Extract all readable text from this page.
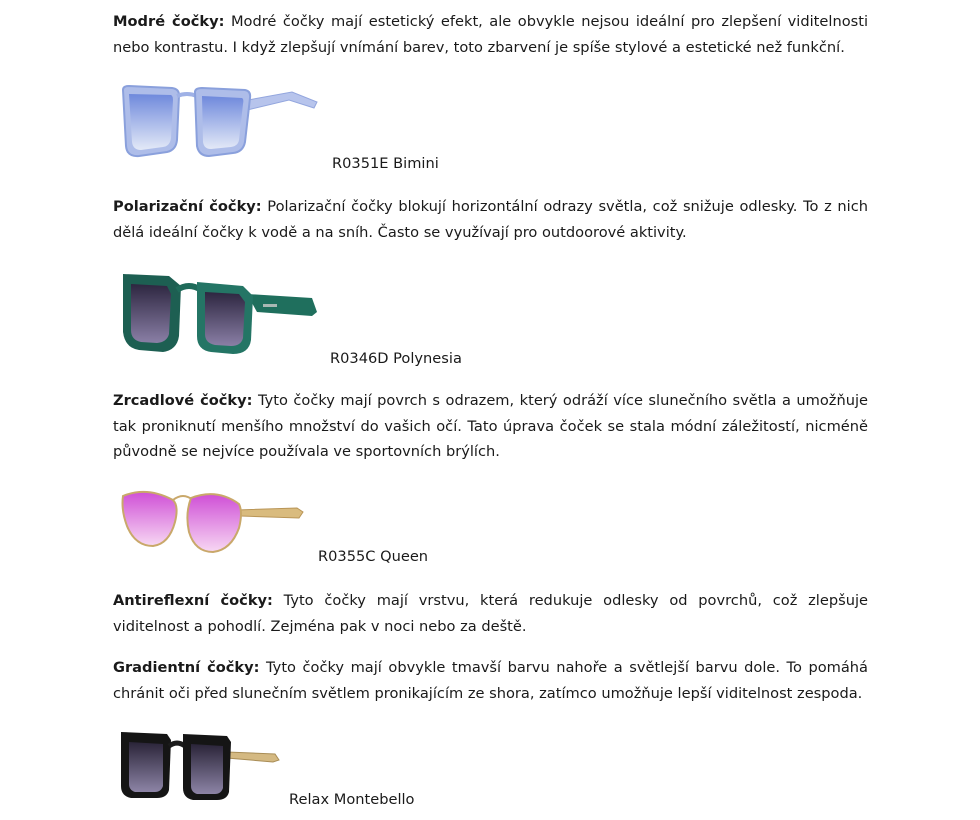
Modré čočky: Modré čočky mají estetický efekt, ale obvykle nejsou ideální pro zlepšení viditelnosti nebo kontrastu. I když zlepšují vnímání barev, toto zbarvení je spíše stylové a estetické než funkční.

R0351E Bimini

Polarizační čočky: Polarizační čočky blokují horizontální odrazy světla, což snižuje odlesky. To z nich dělá ideální čočky k vodě a na sníh. Často se využívají pro outdoorové aktivity.

R0346D Polynesia

Zrcadlové čočky: Tyto čočky mají povrch s odrazem, který odráží více slunečního světla a umožňuje tak proniknutí menšího množství do vašich očí. Tato úprava čoček se stala módní záležitostí, nicméně původně se nejvíce používala ve sportovních brýlích.

R0355C Queen

Antireflexní čočky: Tyto čočky mají vrstvu, která redukuje odlesky od povrchů, což zlepšuje viditelnost a pohodlí. Zejména pak v noci nebo za deště.

Gradientní čočky: Tyto čočky mají obvykle tmavší barvu nahoře a světlejší barvu dole. To pomáhá chránit oči před slunečním světlem pronikajícím ze shora, zatímco umožňuje lepší viditelnost zespoda.

Relax Montebello
